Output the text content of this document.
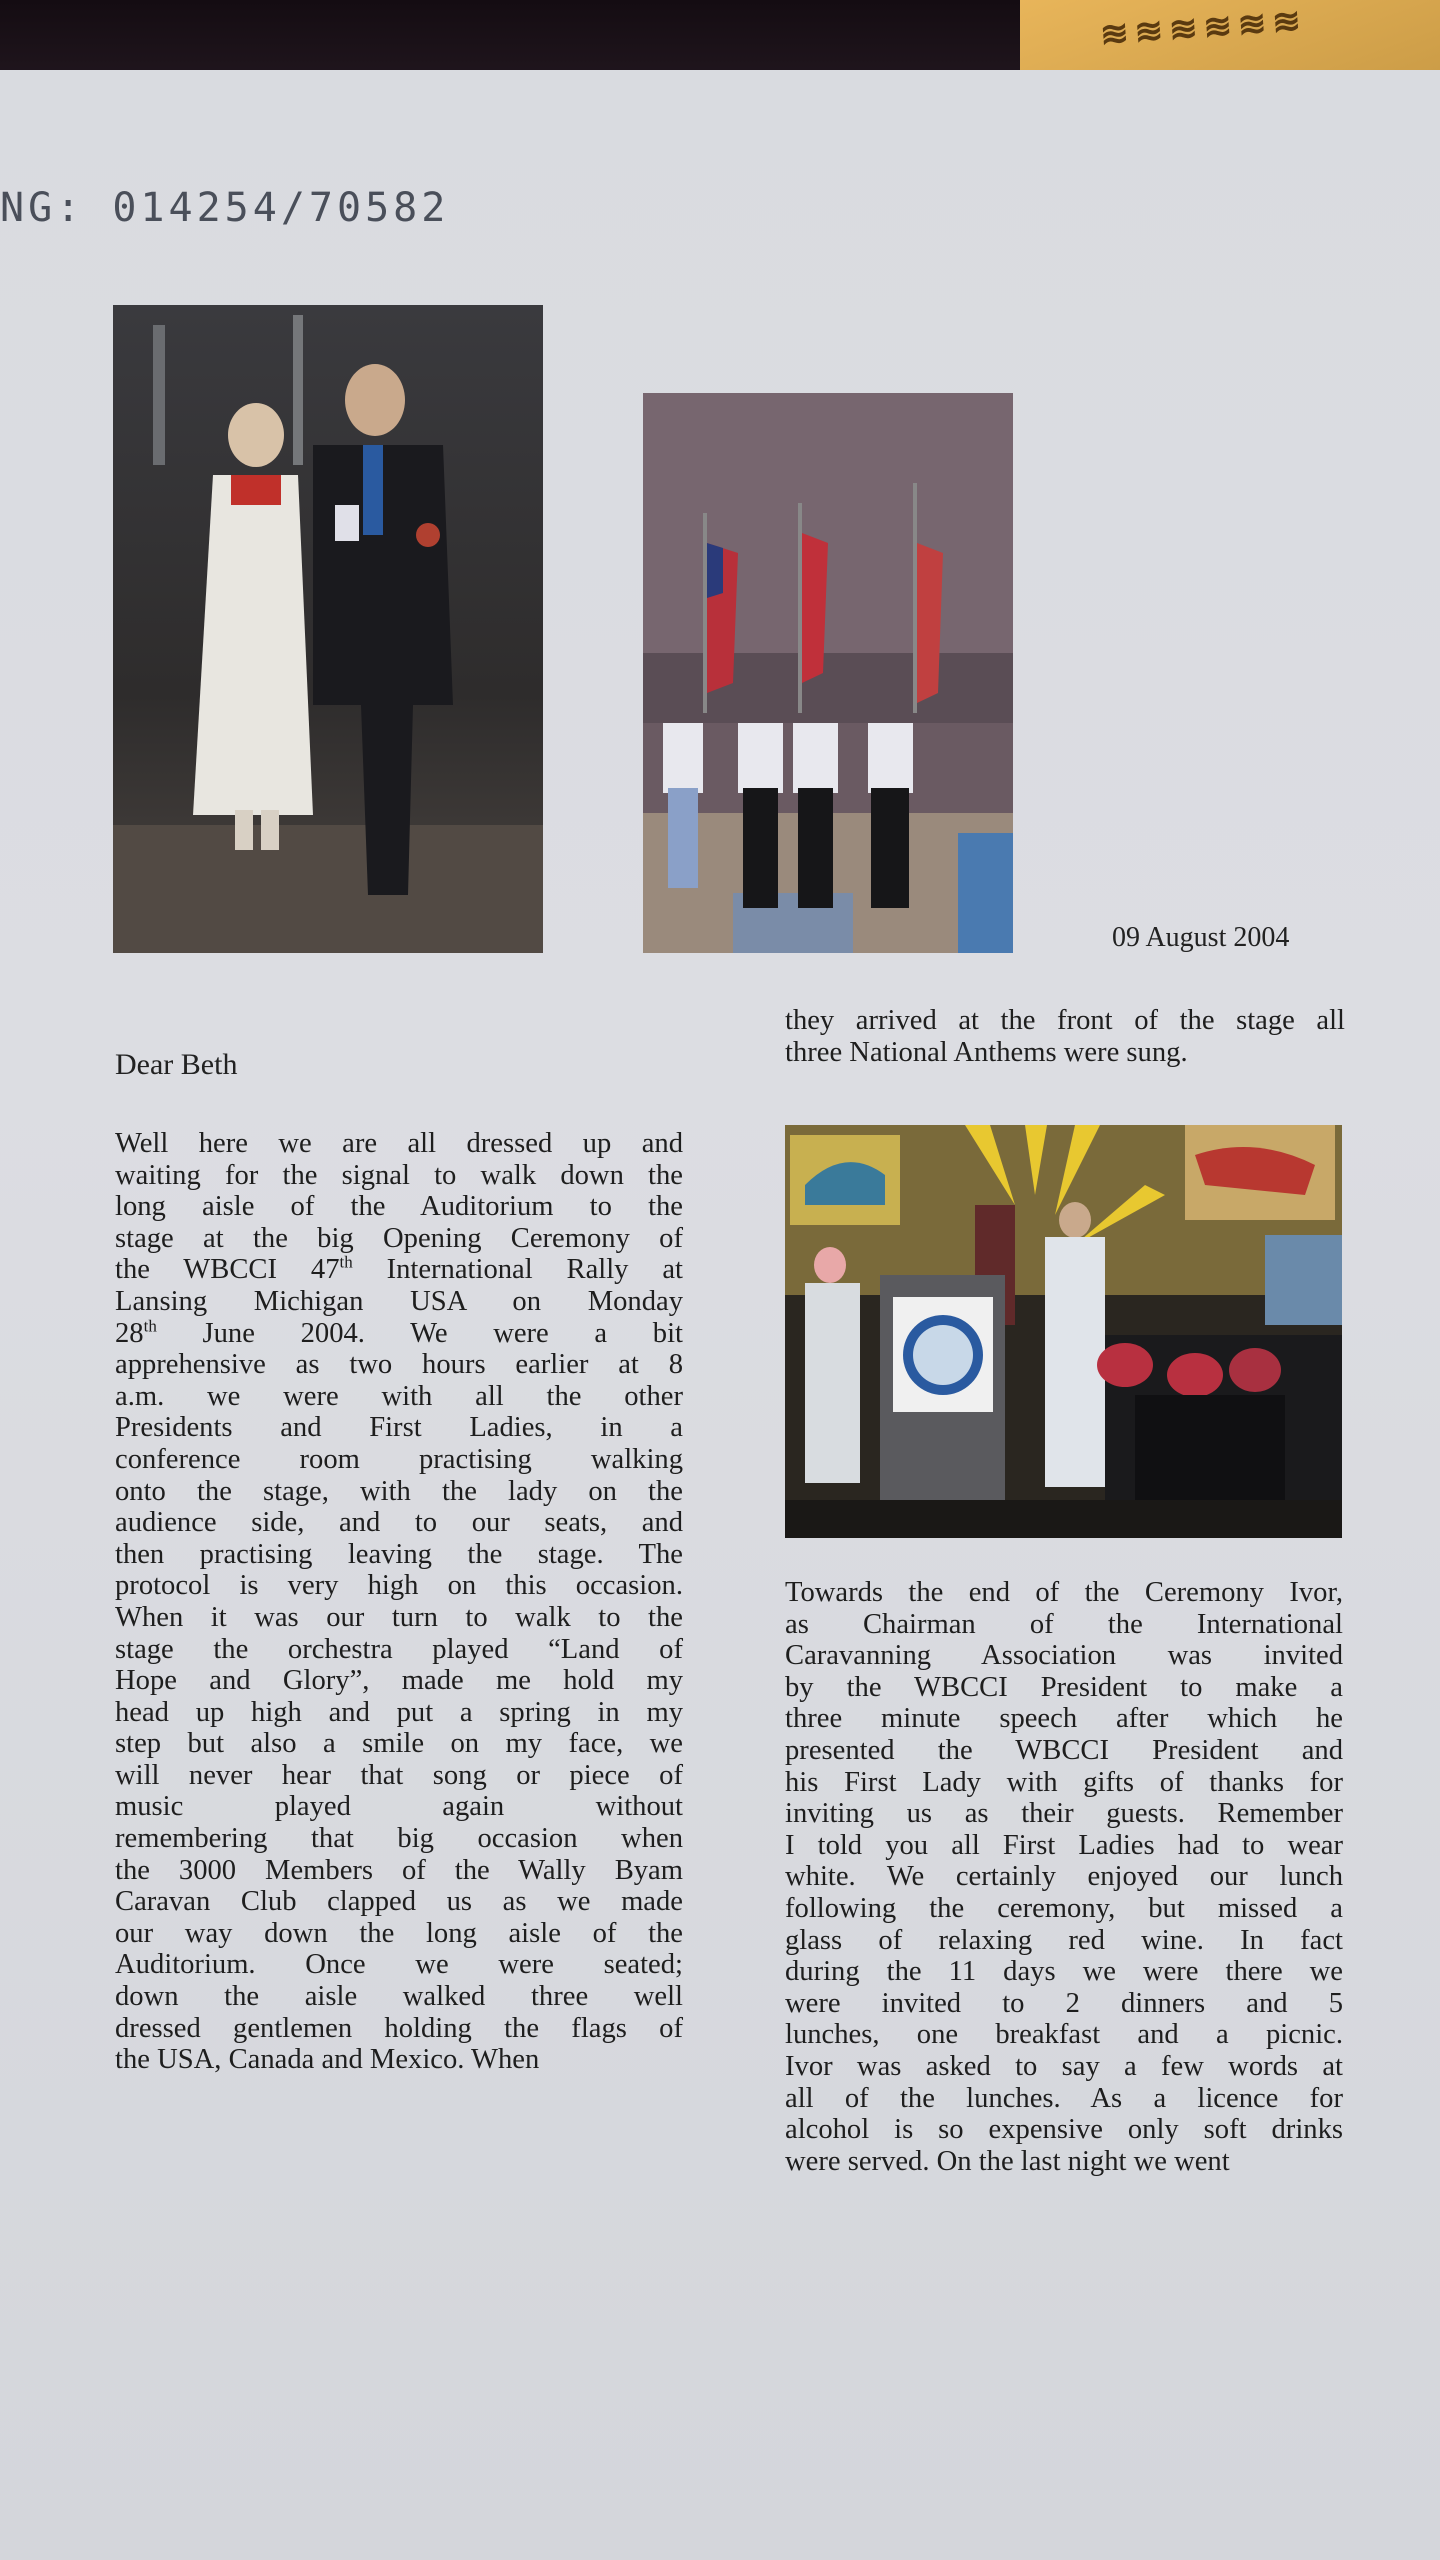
≋≋≋≋≋≋
NG: 014254/70582
09 August 2004
Dear Beth
Well here we are all dressed up and
waiting for the signal to walk down the
long aisle of the Auditorium to the
stage at the big Opening Ceremony of
the WBCCI 47th International Rally at
Lansing Michigan USA on Monday
28th June 2004. We were a bit
apprehensive as two hours earlier at 8
a.m. we were with all the other
Presidents and First Ladies, in a
conference room practising walking
onto the stage, with the lady on the
audience side, and to our seats, and
then practising leaving the stage. The
protocol is very high on this occasion.
When it was our turn to walk to the
stage the orchestra played “Land of
Hope and Glory”, made me hold my
head up high and put a spring in my
step but also a smile on my face, we
will never hear that song or piece of
music played again without
remembering that big occasion when
the 3000 Members of the Wally Byam
Caravan Club clapped us as we made
our way down the long aisle of the
Auditorium. Once we were seated;
down the aisle walked three well
dressed gentlemen holding the flags of
the USA, Canada and Mexico. When
they arrived at the front of the stage all
three National Anthems were sung.
Towards the end of the Ceremony Ivor,
as Chairman of the International
Caravanning Association was invited
by the WBCCI President to make a
three minute speech after which he
presented the WBCCI President and
his First Lady with gifts of thanks for
inviting us as their guests. Remember
I told you all First Ladies had to wear
white. We certainly enjoyed our lunch
following the ceremony, but missed a
glass of relaxing red wine. In fact
during the 11 days we were there we
were invited to 2 dinners and 5
lunches, one breakfast and a picnic.
Ivor was asked to say a few words at
all of the lunches. As a licence for
alcohol is so expensive only soft drinks
were served. On the last night we went
